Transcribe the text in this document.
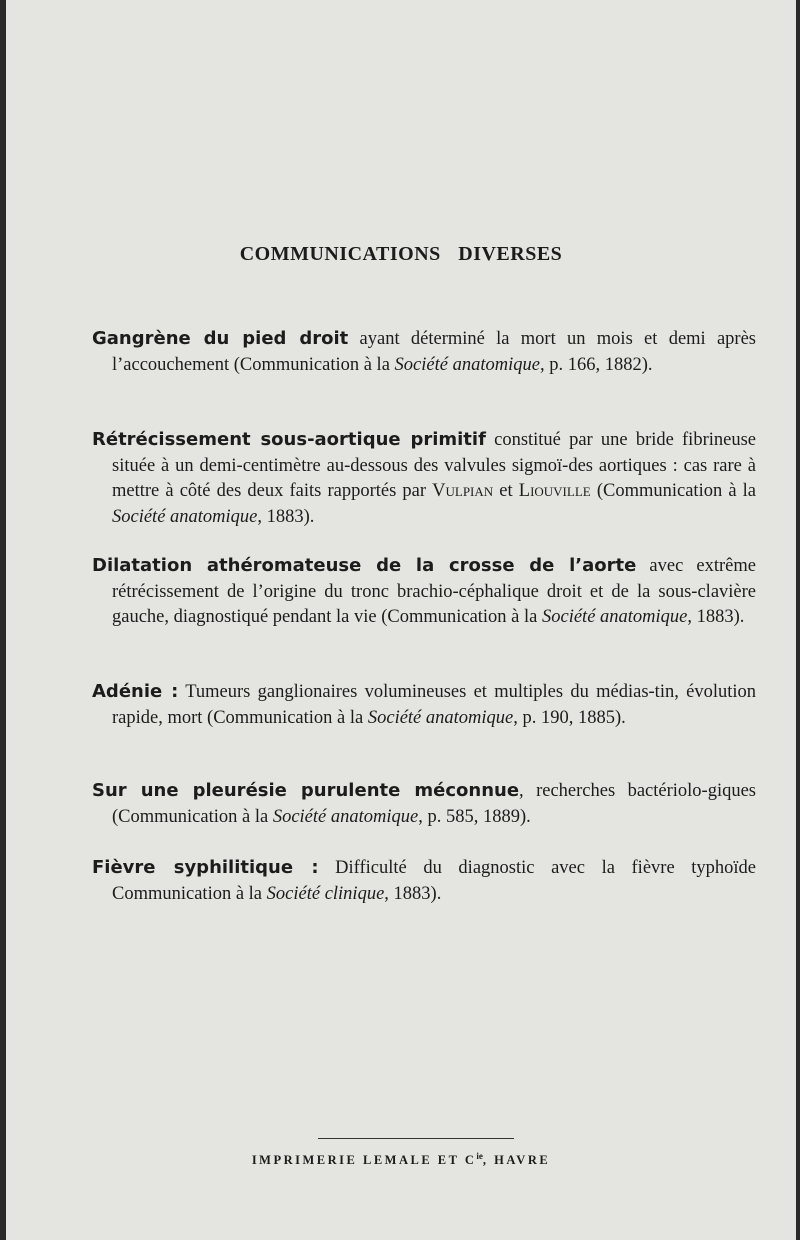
COMMUNICATIONS DIVERSES
Gangrène du pied droit ayant déterminé la mort un mois et demi après l’accouchement (Communication à la Société anatomique, p. 166, 1882).
Rétrécissement sous-aortique primitif constitué par une bride fibrineuse située à un demi-centimètre au-dessous des valvules sigmoï-des aortiques : cas rare à mettre à côté des deux faits rapportés par Vulpian et Liouville (Communication à la Société anatomique, 1883).
Dilatation athéromateuse de la crosse de l’aorte avec extrême rétrécissement de l’origine du tronc brachio-céphalique droit et de la sous-clavière gauche, diagnostiqué pendant la vie (Communication à la Société anatomique, 1883).
Adénie : Tumeurs ganglionaires volumineuses et multiples du médias-tin, évolution rapide, mort (Communication à la Société anatomique, p. 190, 1885).
Sur une pleurésie purulente méconnue, recherches bactériolo-giques (Communication à la Société anatomique, p. 585, 1889).
Fièvre syphilitique : Difficulté du diagnostic avec la fièvre typhoïde Communication à la Société clinique, 1883).
IMPRIMERIE LEMALE ET $C^{ie}$, HAVRE
